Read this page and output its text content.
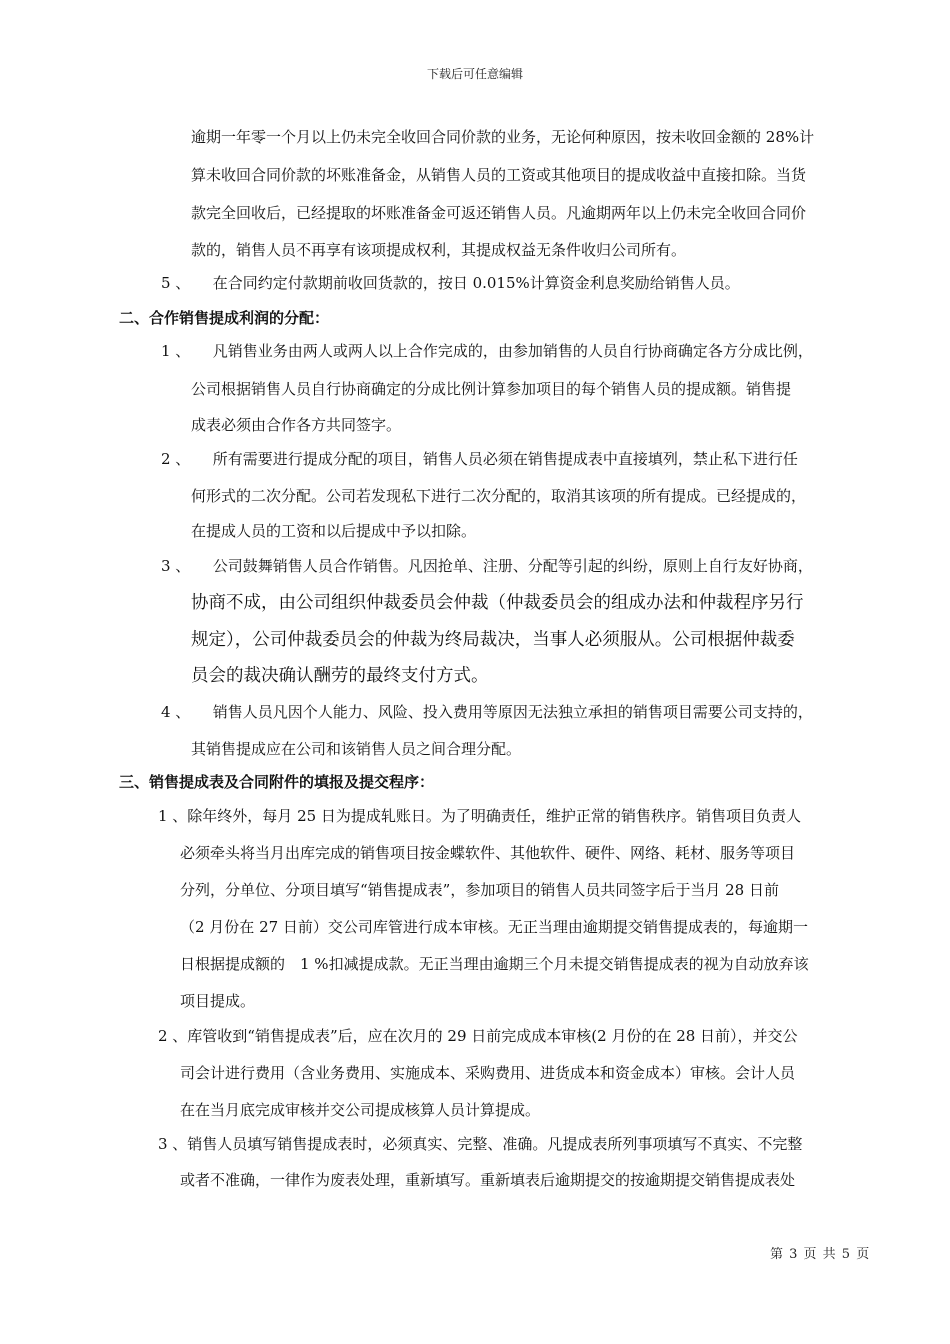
下载后可任意编辑
逾期一年零一个月以上仍未完全收回合同价款的业务，无论何种原因，按未收回金额的 28%计
算未收回合同价款的坏账准备金，从销售人员的工资或其他项目的提成收益中直接扣除。当货
款完全回收后，已经提取的坏账准备金可返还销售人员。凡逾期两年以上仍未完全收回合同价
款的，销售人员不再享有该项提成权利，其提成权益无条件收归公司所有。
5 、　　在合同约定付款期前收回货款的，按日 0.015%计算资金利息奖励给销售人员。
二、合作销售提成利润的分配：
1 、　　凡销售业务由两人或两人以上合作完成的，由参加销售的人员自行协商确定各方分成比例，
公司根据销售人员自行协商确定的分成比例计算参加项目的每个销售人员的提成额。销售提
成表必须由合作各方共同签字。
2 、　　所有需要进行提成分配的项目，销售人员必须在销售提成表中直接填列，禁止私下进行任
何形式的二次分配。公司若发现私下进行二次分配的，取消其该项的所有提成。已经提成的，
在提成人员的工资和以后提成中予以扣除。
3 、　　公司鼓舞销售人员合作销售。凡因抢单、注册、分配等引起的纠纷，原则上自行友好协商，
协商不成，由公司组织仲裁委员会仲裁（仲裁委员会的组成办法和仲裁程序另行
规定），公司仲裁委员会的仲裁为终局裁决，当事人必须服从。公司根据仲裁委
员会的裁决确认酬劳的最终支付方式。
4 、　　销售人员凡因个人能力、风险、投入费用等原因无法独立承担的销售项目需要公司支持的，
其销售提成应在公司和该销售人员之间合理分配。
三、销售提成表及合同附件的填报及提交程序：
1 、除年终外，每月 25 日为提成轧账日。为了明确责任，维护正常的销售秩序。销售项目负责人
必须牵头将当月出库完成的销售项目按金蝶软件、其他软件、硬件、网络、耗材、服务等项目
分列，分单位、分项目填写“销售提成表”，参加项目的销售人员共同签字后于当月 28 日前
（2 月份在 27 日前）交公司库管进行成本审核。无正当理由逾期提交销售提成表的，每逾期一
日根据提成额的　1 %扣减提成款。无正当理由逾期三个月未提交销售提成表的视为自动放弃该
项目提成。
2 、库管收到“销售提成表”后，应在次月的 29 日前完成成本审核(2 月份的在 28 日前），并交公
司会计进行费用（含业务费用、实施成本、采购费用、进货成本和资金成本）审核。会计人员
在在当月底完成审核并交公司提成核算人员计算提成。
3 、销售人员填写销售提成表时，必须真实、完整、准确。凡提成表所列事项填写不真实、不完整
或者不准确，一律作为废表处理，重新填写。重新填表后逾期提交的按逾期提交销售提成表处
第 3 页 共 5 页
